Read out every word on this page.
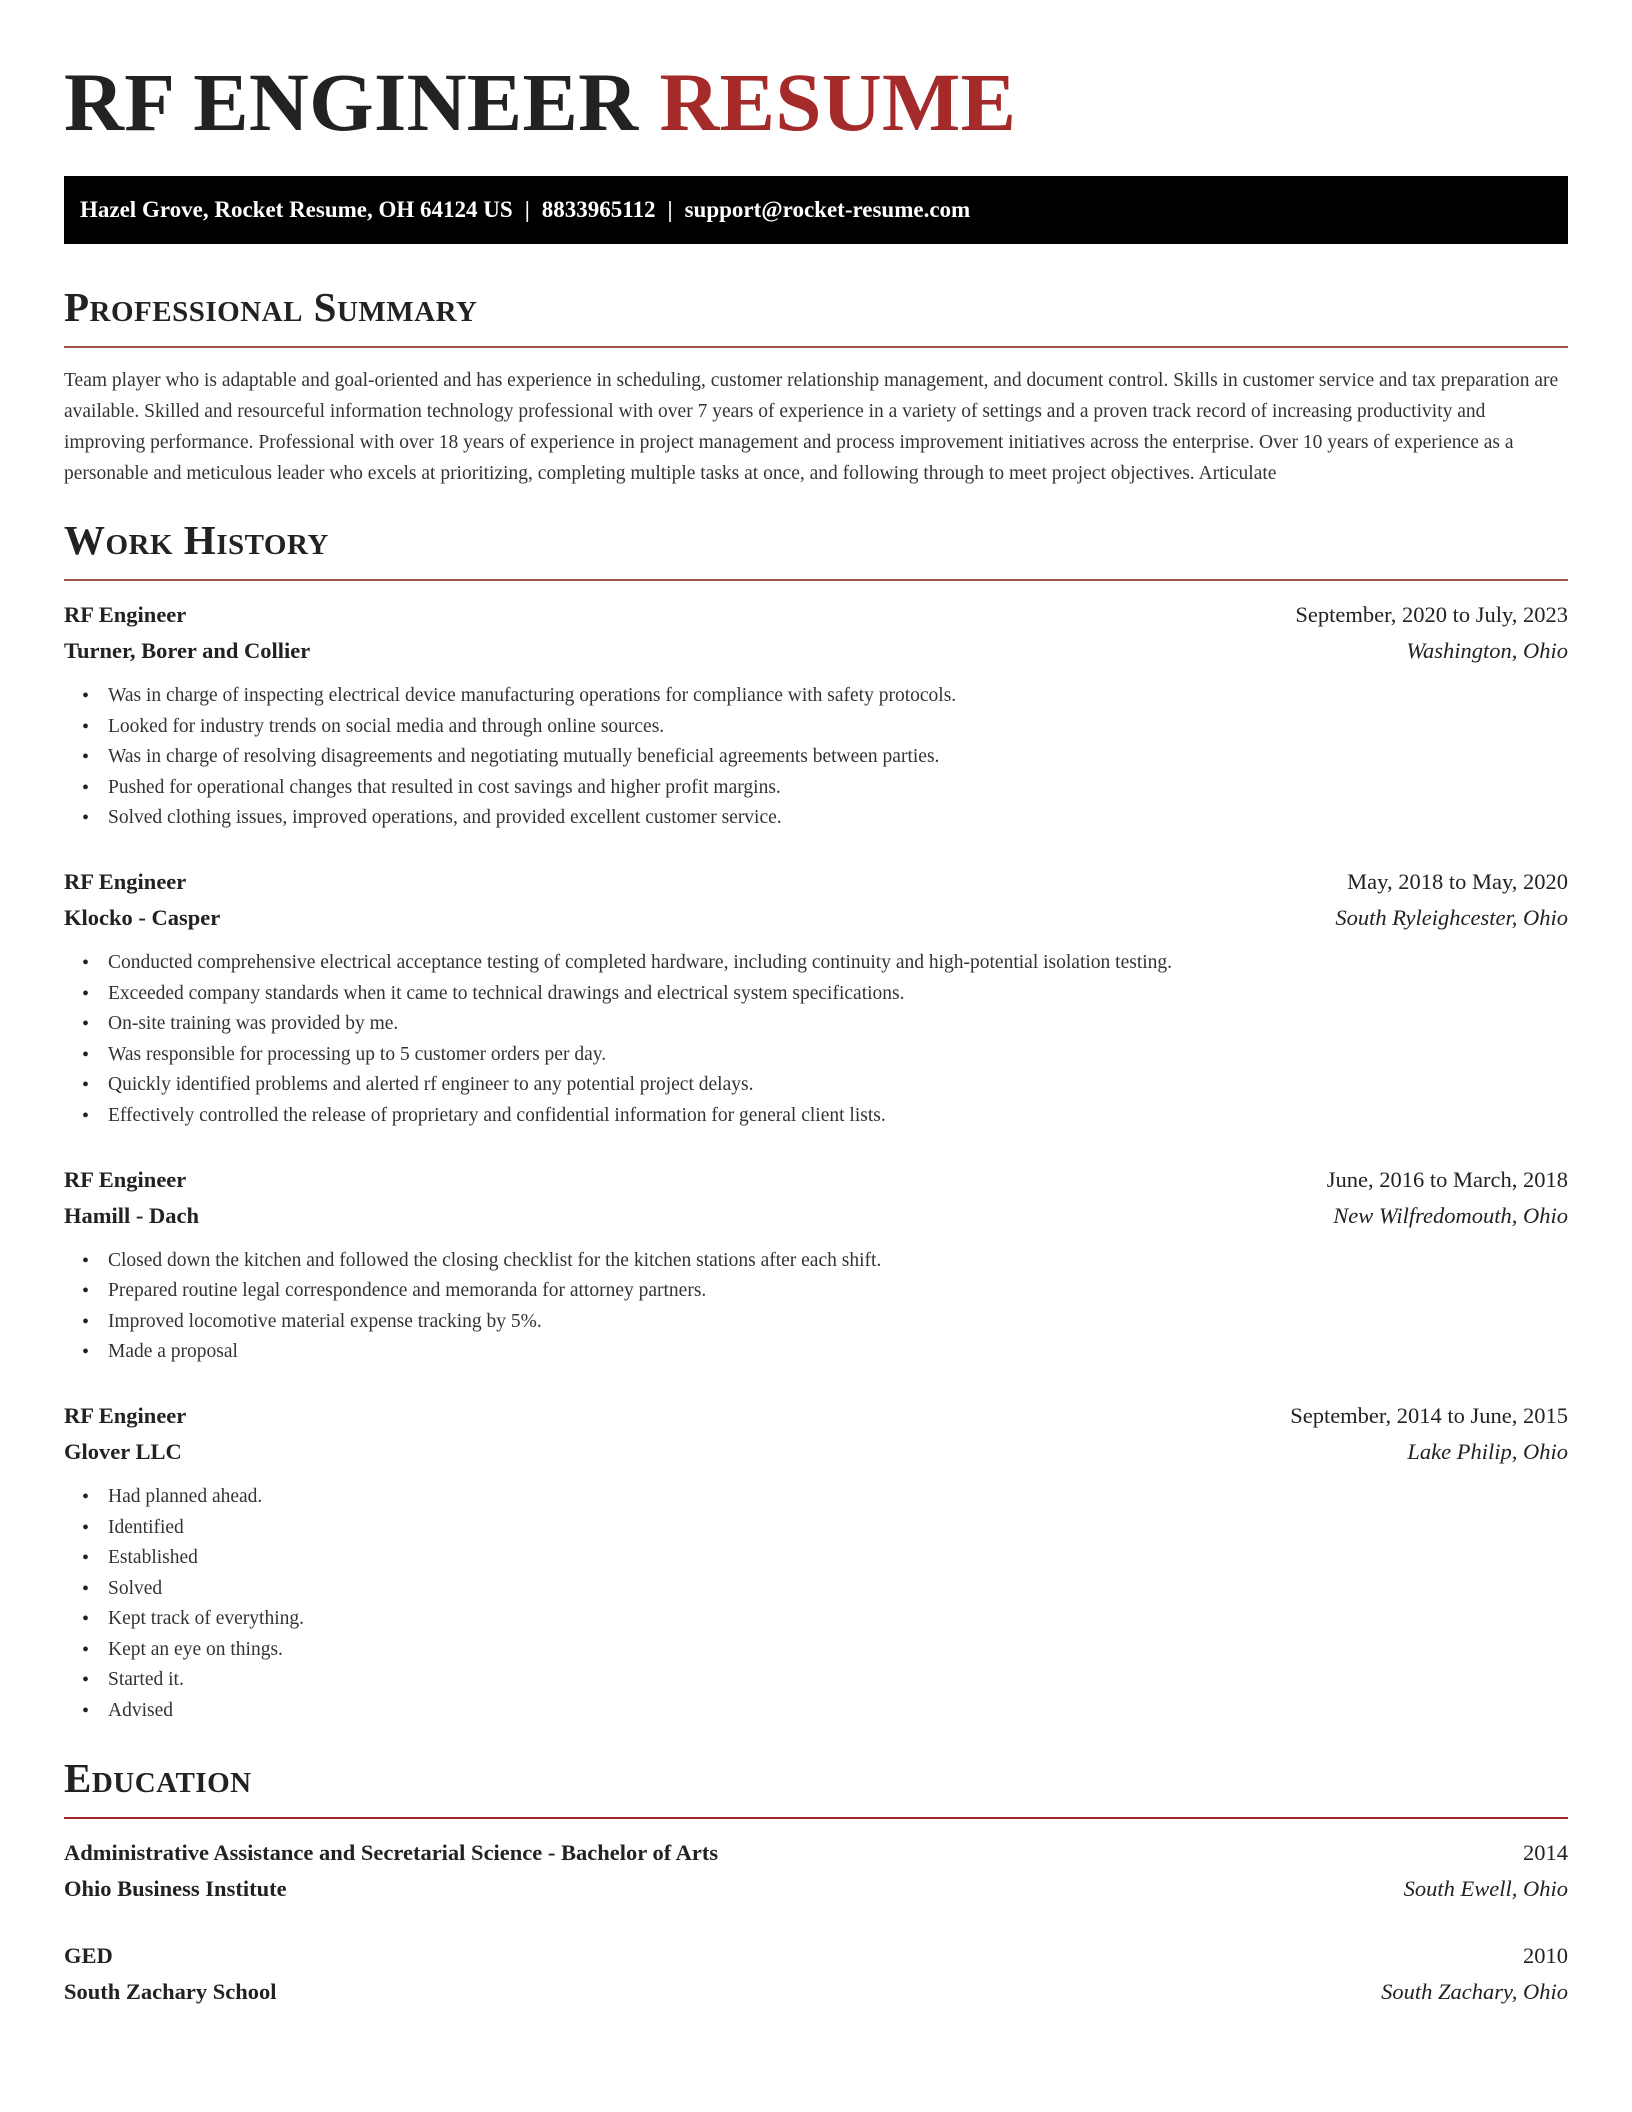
RF ENGINEER RESUME
Hazel Grove, Rocket Resume, OH 64124 US | 8833965112 | support@rocket-resume.com
Professional Summary

Team player who is adaptable and goal-oriented and has experience in scheduling, customer relationship management, and document control. Skills in customer service and tax preparation are available. Skilled and resourceful information technology professional with over 7 years of experience in a variety of settings and a proven track record of increasing productivity and improving performance. Professional with over 18 years of experience in project management and process improvement initiatives across the enterprise. Over 10 years of experience as a personable and meticulous leader who excels at prioritizing, completing multiple tasks at once, and following through to meet project objectives. Articulate

Work History
RF Engineer	September, 2020 to July, 2023
Turner, Borer and Collier	Washington, Ohio
• Was in charge of inspecting electrical device manufacturing operations for compliance with safety protocols.
• Looked for industry trends on social media and through online sources.
• Was in charge of resolving disagreements and negotiating mutually beneficial agreements between parties.
• Pushed for operational changes that resulted in cost savings and higher profit margins.
• Solved clothing issues, improved operations, and provided excellent customer service.
RF Engineer	May, 2018 to May, 2020
Klocko - Casper	South Ryleighcester, Ohio
• Conducted comprehensive electrical acceptance testing of completed hardware, including continuity and high-potential isolation testing.
• Exceeded company standards when it came to technical drawings and electrical system specifications.
• On-site training was provided by me.
• Was responsible for processing up to 5 customer orders per day.
• Quickly identified problems and alerted rf engineer to any potential project delays.
• Effectively controlled the release of proprietary and confidential information for general client lists.
RF Engineer	June, 2016 to March, 2018
Hamill - Dach	New Wilfredomouth, Ohio
• Closed down the kitchen and followed the closing checklist for the kitchen stations after each shift.
• Prepared routine legal correspondence and memoranda for attorney partners.
• Improved locomotive material expense tracking by 5%.
• Made a proposal
RF Engineer	September, 2014 to June, 2015
Glover LLC	Lake Philip, Ohio
• Had planned ahead.
• Identified
• Established
• Solved
• Kept track of everything.
• Kept an eye on things.
• Started it.
• Advised
Education
Administrative Assistance and Secretarial Science - Bachelor of Arts	2014
Ohio Business Institute	South Ewell, Ohio
GED	2010
South Zachary School	South Zachary, Ohio
